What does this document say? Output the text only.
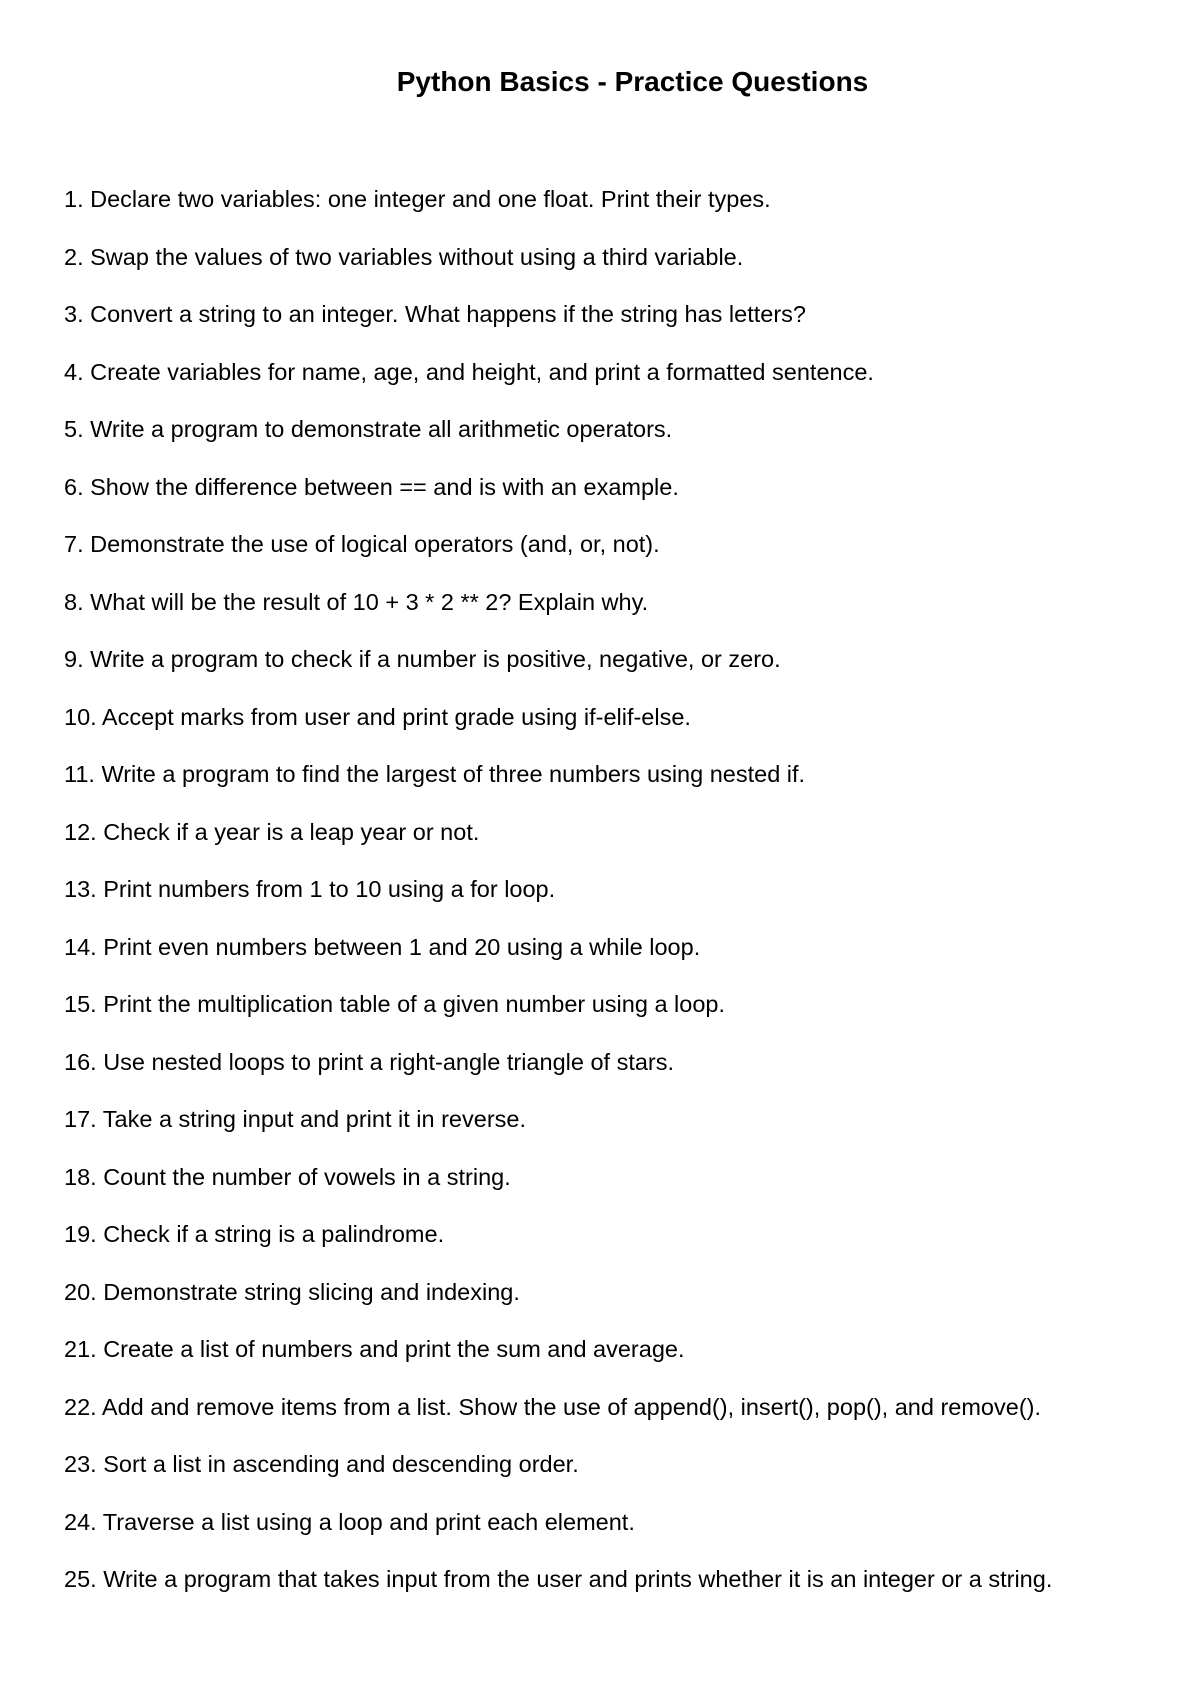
Python Basics - Practice Questions
1. Declare two variables: one integer and one float. Print their types.
2. Swap the values of two variables without using a third variable.
3. Convert a string to an integer. What happens if the string has letters?
4. Create variables for name, age, and height, and print a formatted sentence.
5. Write a program to demonstrate all arithmetic operators.
6. Show the difference between == and is with an example.
7. Demonstrate the use of logical operators (and, or, not).
8. What will be the result of 10 + 3 * 2 ** 2? Explain why.
9. Write a program to check if a number is positive, negative, or zero.
10. Accept marks from user and print grade using if-elif-else.
11. Write a program to find the largest of three numbers using nested if.
12. Check if a year is a leap year or not.
13. Print numbers from 1 to 10 using a for loop.
14. Print even numbers between 1 and 20 using a while loop.
15. Print the multiplication table of a given number using a loop.
16. Use nested loops to print a right-angle triangle of stars.
17. Take a string input and print it in reverse.
18. Count the number of vowels in a string.
19. Check if a string is a palindrome.
20. Demonstrate string slicing and indexing.
21. Create a list of numbers and print the sum and average.
22. Add and remove items from a list. Show the use of append(), insert(), pop(), and remove().
23. Sort a list in ascending and descending order.
24. Traverse a list using a loop and print each element.
25. Write a program that takes input from the user and prints whether it is an integer or a string.
